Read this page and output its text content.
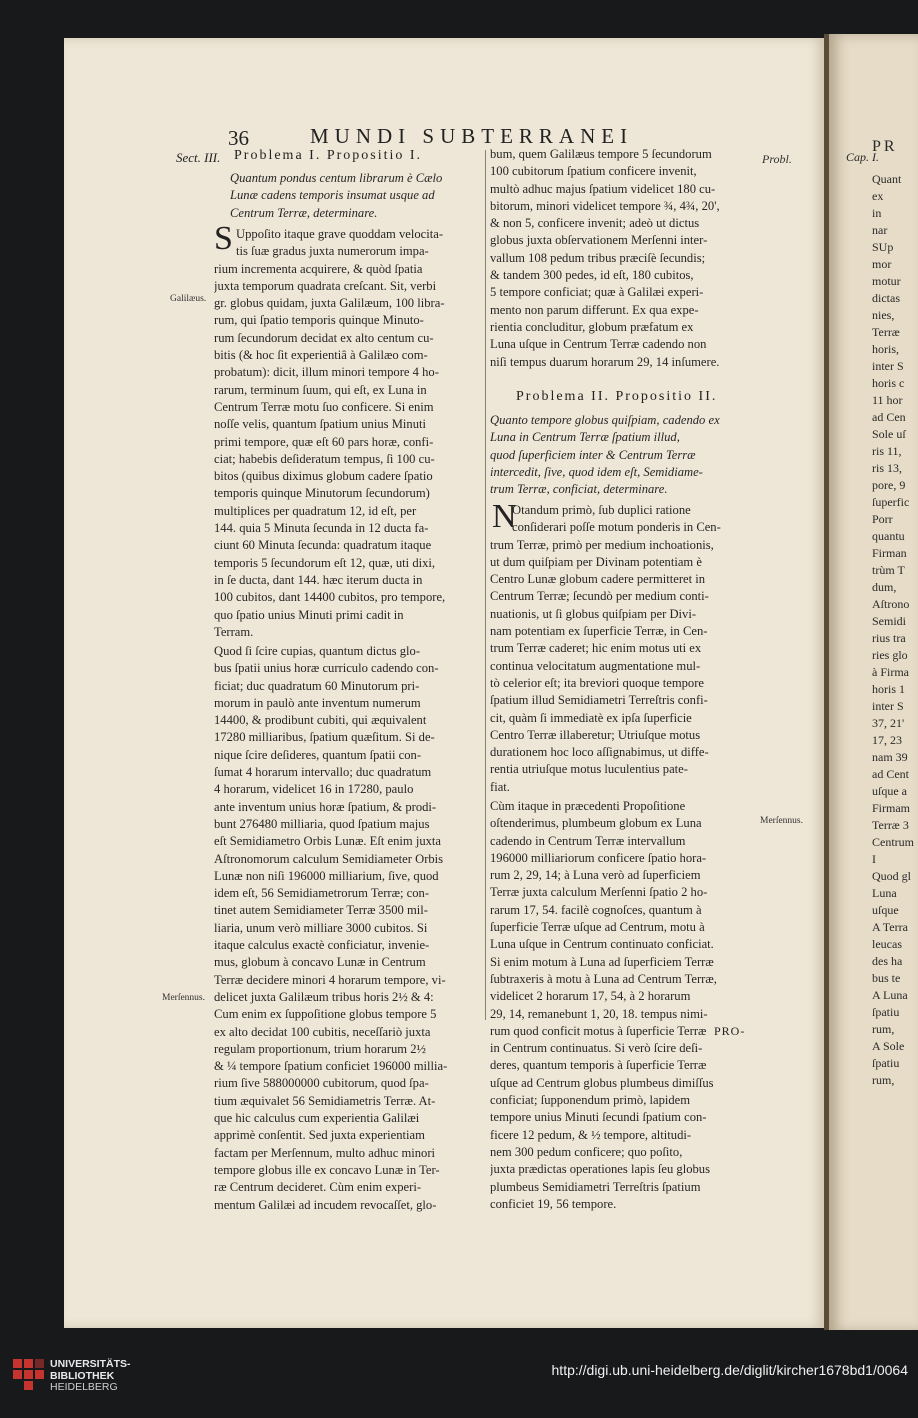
36	MUNDI SUBTERRANEI
Sect. III. Problema I. Propositio I.
Quantum pondus centum librarum è Cælo
Lunæ cadens temporis insumat usque ad
Centrum Terræ, determinare.
S Uppoſito itaque grave quoddam velocita-
tis ſuæ gradus juxta numerorum impa-
rium incrementa acquirere, & quòd ſpatia
juxta temporum quadrata creſcant. Sit, verbi
gr. globus quidam, juxta Galilæum, 100 libra-
rum, qui ſpatio temporis quinque Minuto-
rum ſecundorum decidat ex alto centum cu-
bitis (& hoc ſit experientiâ à Galilæo com-
probatum): dicit, illum minori tempore 4 ho-
rarum, terminum ſuum, qui eſt, ex Luna in
Centrum Terræ motu ſuo conficere. Si enim
noſſe velis, quantum ſpatium unius Minuti
primi tempore, quæ eſt 60 pars horæ, confi-
ciat; habebis deſideratum tempus, ſi 100 cu-
bitos (quibus diximus globum cadere ſpatio
temporis quinque Minutorum ſecundorum)
multiplices per quadratum 12, id eſt, per
144. quia 5 Minuta ſecunda in 12 ducta fa-
ciunt 60 Minuta ſecunda: quadratum itaque
temporis 5 ſecundorum eſt 12, quæ, uti dixi,
in ſe ducta, dant 144. hæc iterum ducta in
100 cubitos, dant 14400 cubitos, pro tempore,
quo ſpatio unius Minuti primi cadit in
Terram.
Quod ſi ſcire cupias, quantum dictus glo-
bus ſpatii unius horæ curriculo cadendo con-
ficiat; duc quadratum 60 Minutorum pri-
morum in paulò ante inventum numerum
14400, & prodibunt cubiti, qui æquivalent
17280 milliaribus, ſpatium quæſitum. Si de-
nique ſcire deſideres, quantum ſpatii con-
ſumat 4 horarum intervallo; duc quadratum
4 horarum, videlicet 16 in 17280, paulo
ante inventum unius horæ ſpatium, & prodi-
bunt 276480 milliaria, quod ſpatium majus
eſt Semidiametro Orbis Lunæ. Eſt enim juxta
Aſtronomorum calculum Semidiameter Orbis
Lunæ non niſi 196000 milliarium, ſive, quod
idem eſt, 56 Semidiametrorum Terræ; con-
tinet autem Semidiameter Terræ 3500 mil-
liaria, unum verò milliare 3000 cubitos. Si
itaque calculus exactè conficiatur, invenie-
mus, globum à concavo Lunæ in Centrum
Terræ decidere minori 4 horarum tempore, vi-
delicet juxta Galilæum tribus horis 2½ & 4:
Cum enim ex ſuppoſitione globus tempore 5
ex alto decidat 100 cubitis, neceſſariò juxta
regulam proportionum, trium horarum 2½
& ¼ tempore ſpatium conficiet 196000 millia-
rium ſive 588000000 cubitorum, quod ſpa-
tium æquivalet 56 Semidiametris Terræ. At-
que hic calculus cum experientia Galilæi
apprimè conſentit. Sed juxta experientiam
factam per Merſennum, multo adhuc minori
tempore globus ille ex concavo Lunæ in Ter-
ræ Centrum decideret. Cùm enim experi-
mentum Galilæi ad incudem revocaſſet, glo-
bum, quem Galilæus tempore 5 ſecundorum
100 cubitorum ſpatium conficere invenit,
multò adhuc majus ſpatium videlicet 180 cu-
bitorum, minori videlicet tempore ¾, 4¾, 20',
& non 5, conficere invenit; adeò ut dictus
globus juxta obſervationem Merſenni inter-
vallum 108 pedum tribus præciſè ſecundis;
& tandem 300 pedes, id eſt, 180 cubitos,
5 tempore conficiat; quæ à Galilæi experi-
mento non parum differunt. Ex qua expe-
rientia concluditur, globum præfatum ex
Luna uſque in Centrum Terræ cadendo non
niſi tempus duarum horarum 29, 14 inſumere.
Problema II. Propositio II.
Quanto tempore globus quiſpiam, cadendo ex
Luna in Centrum Terræ ſpatium illud,
quod ſuperficiem inter & Centrum Terræ
intercedit, ſive, quod idem eſt, Semidiame-
trum Terræ, conficiat, determinare.
N
Otandum primò, ſub duplici ratione
conſiderari poſſe motum ponderis in Cen-
trum Terræ, primò per medium inchoationis,
ut dum quiſpiam per Divinam potentiam è
Centro Lunæ globum cadere permitteret in
Centrum Terræ; ſecundò per medium conti-
nuationis, ut ſi globus quiſpiam per Divi-
nam potentiam ex ſuperficie Terræ, in Cen-
trum Terræ caderet; hic enim motus uti ex
continua velocitatum augmentatione mul-
tò celerior eſt; ita breviori quoque tempore
ſpatium illud Semidiametri Terreſtris confi-
cit, quàm ſi immediatè ex ipſa ſuperficie
Centro Terræ illaberetur; Utriuſque motus
durationem hoc loco aſſignabimus, ut diffe-
rentia utriuſque motus luculentius pate-
fiat.
Cùm itaque in præcedenti Propoſitione
oſtenderimus, plumbeum globum ex Luna
cadendo in Centrum Terræ intervallum
196000 milliariorum conficere ſpatio hora-
rum 2, 29, 14; à Luna verò ad ſuperficiem
Terræ juxta calculum Merſenni ſpatio 2 ho-
rarum 17, 54. facilè cognoſces, quantum à
ſuperficie Terræ uſque ad Centrum, motu à
Luna uſque in Centrum continuato conficiat.
Si enim motum à Luna ad ſuperficiem Terræ
ſubtraxeris à motu à Luna ad Centrum Terræ,
videlicet 2 horarum 17, 54, à 2 horarum
29, 14, remanebunt 1, 20, 18. tempus nimi-
rum quod conficit motus à ſuperficie Terræ
in Centrum continuatus. Si verò ſcire deſi-
deres, quantum temporis à ſuperficie Terræ
uſque ad Centrum globus plumbeus dimiſſus
conficiat; ſupponendum primò, lapidem
tempore unius Minuti ſecundi ſpatium con-
ficere 12 pedum, & ½ tempore, altitudi-
nem 300 pedum conficere; quo poſito,
juxta prædictas operationes lapis ſeu globus
plumbeus Semidiametri Terreſtris ſpatium
conficiet 19, 56 tempore.
PRO-
Galilæus.
Merſennus.
Probl.
Merſennus.
PR
Cap. I.
Quant
ex
in
nar
SUp
mor
motur
dictas
nies,
Terræ
horis,
inter S
horis c
11 hor
ad Cen
Sole uſ
ris 11,
ris 13,
pore, 9
ſuperfic
Porr
quantu
Firman
trùm T
dum,
Aſtrono
Semidi
rius tra
ries glo
à Firma
horis 1
inter S
37, 21'
17, 23
nam 39
ad Cent
uſque a
Firmam
Terræ 3
Centrum
I
Quod gl
Luna
uſque
A Terra
leucas
des ha
bus te
A Luna
ſpatiu
rum,
A Sole
ſpatiu
rum,
UNIVERSITÄTS-
BIBLIOTHEK
HEIDELBERG
http://digi.ub.uni-heidelberg.de/diglit/kircher1678bd1/0064
